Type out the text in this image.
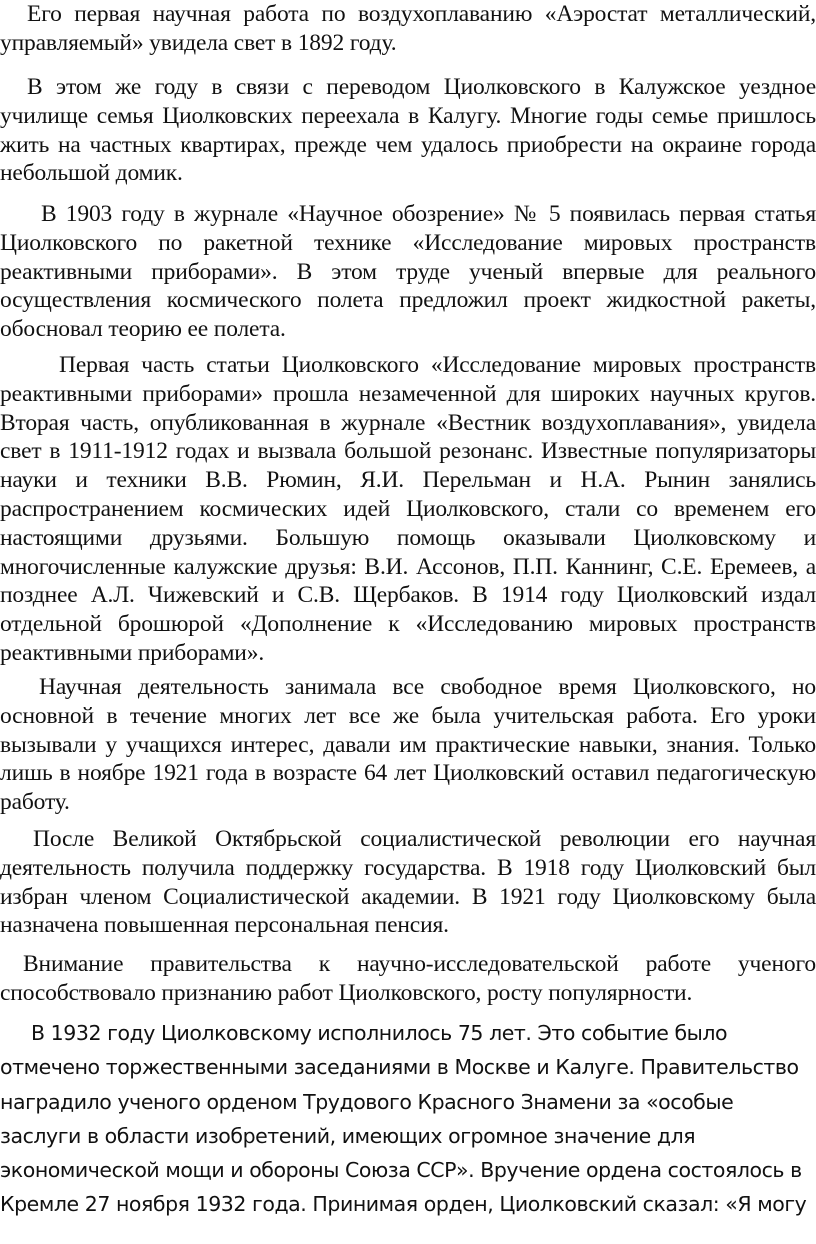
Его первая научная работа по воздухоплаванию «Аэростат металлический, управляемый» увидела свет в 1892 году.

В этом же году в связи с переводом Циолковского в Калужское уездное училище семья Циолковских переехала в Калугу. Многие годы семье пришлось жить на частных квартирах, прежде чем удалось приобрести на окраине города небольшой домик.

В 1903 году в журнале «Научное обозрение» № 5 появилась первая статья Циолковского по ракетной технике «Исследование мировых пространств реактивными приборами». В этом труде ученый впервые для реального осуществления космического полета предложил проект жидкостной ракеты, обосновал теорию ее полета.

Первая часть статьи Циолковского «Исследование мировых пространств реактивными приборами» прошла незамеченной для широких научных кругов. Вторая часть, опубликованная в журнале «Вестник воздухоплавания», увидела свет в 1911-1912 годах и вызвала большой резонанс. Известные популяризаторы науки и техники В.В. Рюмин, Я.И. Перельман и Н.А. Рынин занялись распространением космических идей Циолковского, стали со временем его настоящими друзьями. Большую помощь оказывали Циолковскому и многочисленные калужские друзья: В.И. Ассонов, П.П. Каннинг, С.Е. Еремеев, а позднее А.Л. Чижевский и С.В. Щербаков. В 1914 году Циолковский издал отдельной брошюрой «Дополнение к «Исследованию мировых пространств реактивными приборами».

Научная деятельность занимала все свободное время Циолковского, но основной в течение многих лет все же была учительская работа. Его уроки вызывали у учащихся интерес, давали им практические навыки, знания. Только лишь в ноябре 1921 года в возрасте 64 лет Циолковский оставил педагогическую работу.

После Великой Октябрьской социалистической революции его научная деятельность получила поддержку государства. В 1918 году Циолковский был избран членом Социалистической академии. В 1921 году Циолковскому была назначена повышенная персональная пенсия.

Внимание правительства к научно-исследовательской работе ученого способствовало признанию работ Циолковского, росту популярности.

В 1932 году Циолковскому исполнилось 75 лет. Это событие было отмечено торжественными заседаниями в Москве и Калуге. Правительство наградило ученого орденом Трудового Красного Знамени за «особые заслуги в области изобретений, имеющих огромное значение для экономической мощи и обороны Союза ССР». Вручение ордена состоялось в Кремле 27 ноября 1932 года. Принимая орден, Циолковский сказал: «Я могу
